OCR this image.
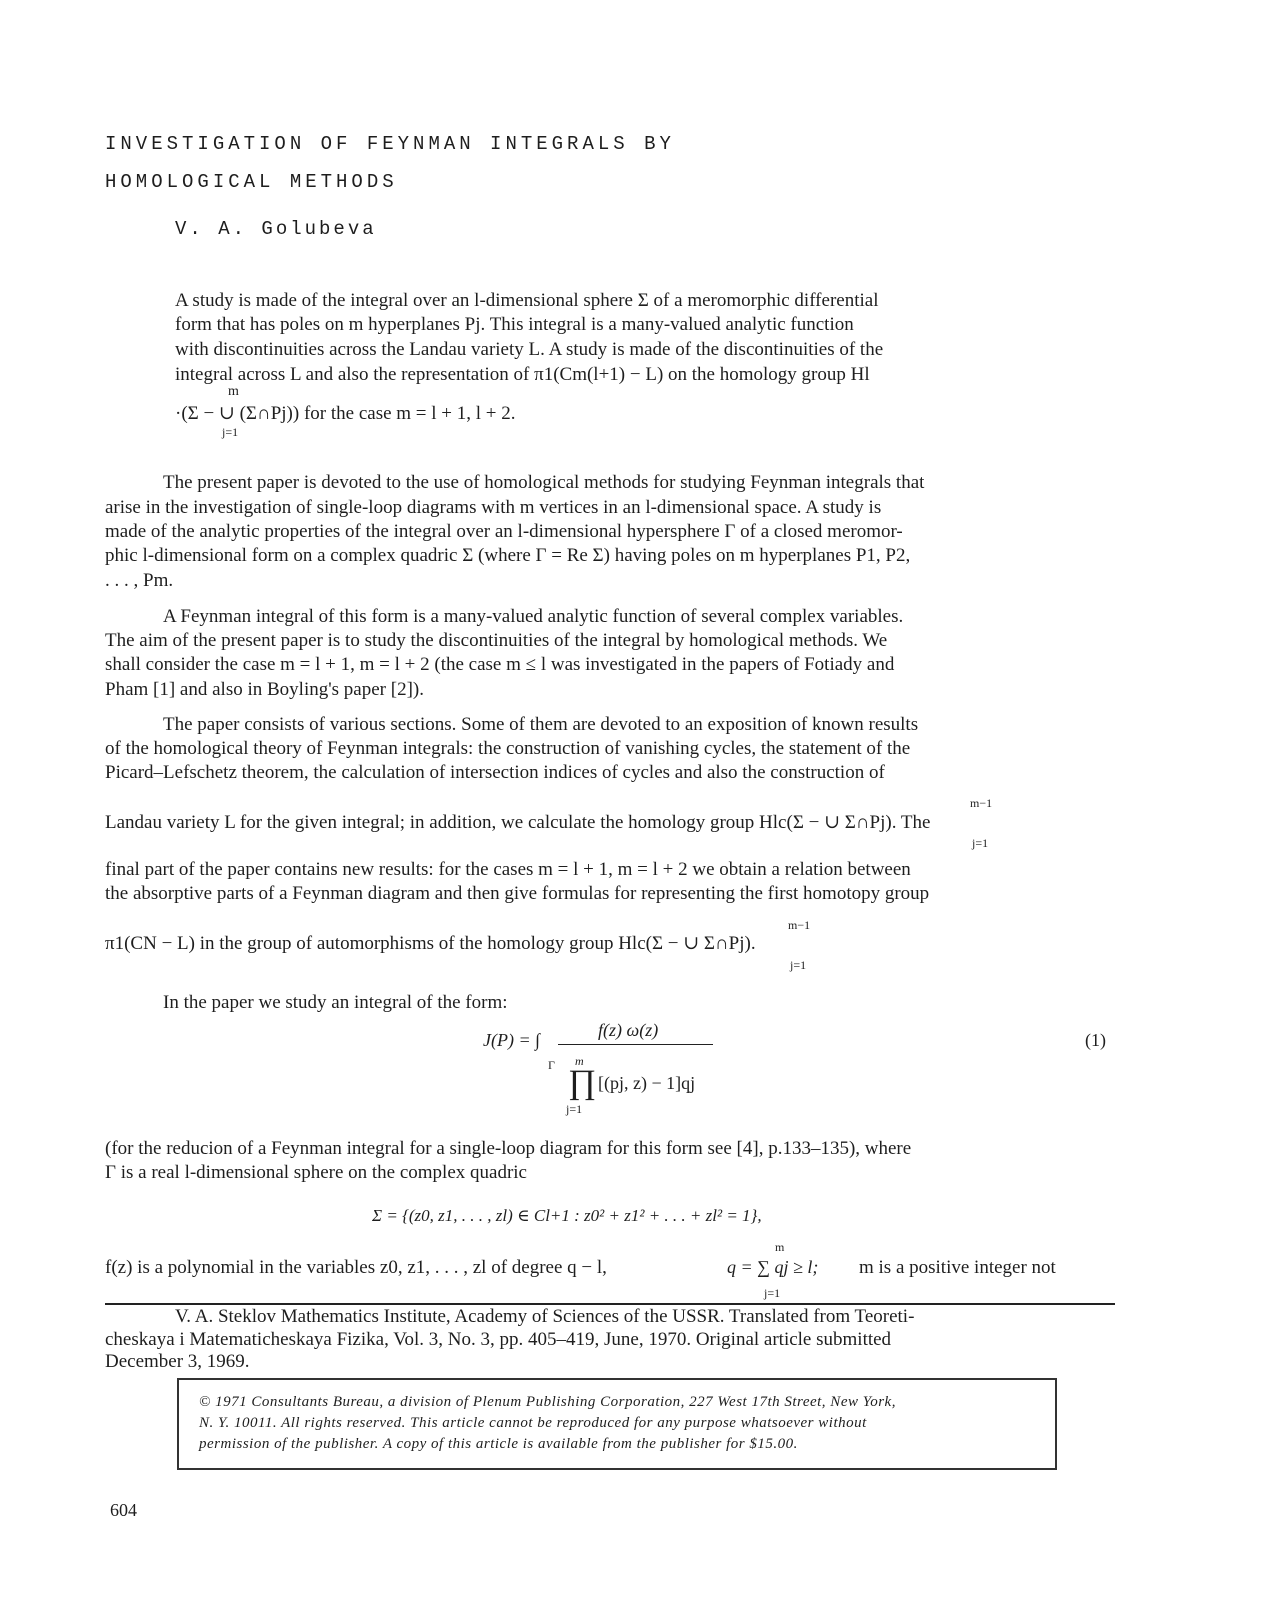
INVESTIGATION OF FEYNMAN INTEGRALS BY
HOMOLOGICAL METHODS
V. A. Golubeva
A study is made of the integral over an l-dimensional sphere Σ of a meromorphic differential
form that has poles on m hyperplanes Pj. This integral is a many-valued analytic function
with discontinuities across the Landau variety L. A study is made of the discontinuities of the
integral across L and also the representation of π1(Cm(l+1) − L) on the homology group Hl
m
·(Σ − ∪ (Σ∩Pj)) for the case m = l + 1, l + 2.
j=1
The present paper is devoted to the use of homological methods for studying Feynman integrals that
arise in the investigation of single-loop diagrams with m vertices in an l-dimensional space. A study is
made of the analytic properties of the integral over an l-dimensional hypersphere Γ of a closed meromor-
phic l-dimensional form on a complex quadric Σ (where Γ = Re Σ) having poles on m hyperplanes P1, P2,
. . . , Pm.
A Feynman integral of this form is a many-valued analytic function of several complex variables.
The aim of the present paper is to study the discontinuities of the integral by homological methods. We
shall consider the case m = l + 1, m = l + 2 (the case m ≤ l was investigated in the papers of Fotiady and
Pham [1] and also in Boyling's paper [2]).
The paper consists of various sections. Some of them are devoted to an exposition of known results
of the homological theory of Feynman integrals: the construction of vanishing cycles, the statement of the
Picard–Lefschetz theorem, the calculation of intersection indices of cycles and also the construction of
m−1
Landau variety L for the given integral; in addition, we calculate the homology group Hlc(Σ − ∪ Σ∩Pj). The
j=1
final part of the paper contains new results: for the cases m = l + 1, m = l + 2 we obtain a relation between
the absorptive parts of a Feynman diagram and then give formulas for representing the first homotopy group
m−1
π1(CN − L) in the group of automorphisms of the homology group Hlc(Σ − ∪ Σ∩Pj).
j=1
In the paper we study an integral of the form:
J(P) = ∫	f(z) ω(z)
Γ m
∏ [(pj, z) − 1]qj
j=1
(1)
(for the reducion of a Feynman integral for a single-loop diagram for this form see [4], p.133–135), where
Γ is a real l-dimensional sphere on the complex quadric
Σ = {(z0, z1, . . . , zl) ∈ Cl+1 : z0² + z1² + . . . + zl² = 1},
m
f(z) is a polynomial in the variables z0, z1, . . . , zl of degree q − l,	q = ∑ qj ≥ l; m is a positive integer not
j=1
V. A. Steklov Mathematics Institute, Academy of Sciences of the USSR. Translated from Teoreti-
cheskaya i Matematicheskaya Fizika, Vol. 3, No. 3, pp. 405–419, June, 1970. Original article submitted
December 3, 1969.
© 1971 Consultants Bureau, a division of Plenum Publishing Corporation, 227 West 17th Street, New York,
N. Y. 10011. All rights reserved. This article cannot be reproduced for any purpose whatsoever without
permission of the publisher. A copy of this article is available from the publisher for $15.00.
604
